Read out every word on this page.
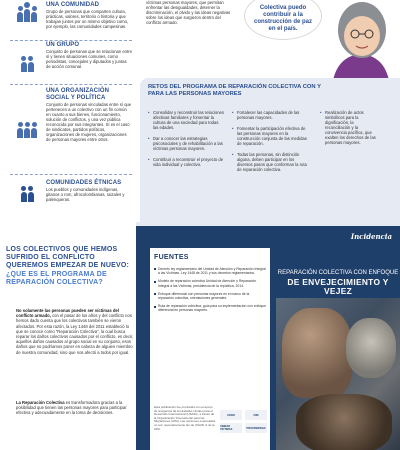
UNA COMUNIDAD
Grupo de personas que comparten cultura, prácticas, valores, territorio o historia y que trabajan juntos por un mismo objetivo como, por ejemplo, las comunidades campesinas.
UN GRUPO
Conjunto de personas que se relacionan entre sí y tienen situaciones comunes, como periodistas, concejales y diputados y juntas de acción comunal.
UNA ORGANIZACIÓN SOCIAL Y POLÍTICA
Conjunto de personas vinculadas entre sí que pertenecen a un colectivo con un fin común en cuanto a sus bienes, funcionamiento, solución de conflictos, y una vez pública reconocida por sus integrantes. Sí es el caso de sindicatos, partidos políticos, organizaciones de mujeres, organizaciones de personas mayores entre otros.
COMUNIDADES ÉTNICAS
Los pueblos y comunidades indígenas, gitanos o rom, afrocolombianas, raizales y palenqueras.
víctimas personas mayores, que permitan enfrentar las desigualdades, deterner la discriminación, el olvido y las ideas negativas sobre los ideas que surgieron dentro del conflicto armado.
Colectiva puedo contribuir a la construcción de paz en el país.
RETOS DEL PROGRAMA DE REPARACIÓN COLECTIVA CON Y PARA LAS PERSONAS MAYORES

• Consolidar y reconstruir las relaciones afectivas familiares y fomentar la cultura de una sociedad para todas las edades.

• Dar a conocer las estrategias psicosociales y de rehabilitación a las víctimas personas mayores.

• Contribuir a reconstruir el proyecto de vida individual y colectivo.

• Fortalecer las capacidades de las personas mayores.

• Fomentar la participación efectiva de las personas mayores en la construcción conjunta de las medidas de reparación.

• Todas las personas, sin distinción alguna, deben participar en los diversos pasos que conforman la ruta de reparación colectiva.

• Realización de actos simbólicos para la dignificación, la reconciliación y la convivencia pacífica, que exalten los derechos de las personas mayores.

LOS COLECTIVOS QUE HEMOS SUFRIDO EL CONFLICTO QUEREMOS EMPEZAR DE NUEVO:
¿QUE ES EL PROGRAMA DE REPARACIÓN COLECTIVA?
No solamente las personas pueden ser víctimas del conflicto armado, con el pasar de los años y del conflicto nos hemos dado cuenta que los colectivos también se vieron afectados. Por esta razón, la Ley 1448 del 2011 estableció lo que se conoce como "Reparación Colectiva", la cual busca reparar los daños colectivos causados por el conflicto, es decir, aquellos daños causados al grupo social en su conjunto, esos daños que no podríamos poner en cabeza de alguien miembro de nuestra comunidad, sino que nos afectó a todos por igual.
La Reparación Colectiva es transformadora gracias a la posibilidad que tienen las personas mayores para participar efectiva y adecuadamente en la toma de decisiones.
Incidencia
FUENTES

Decreto ley reglamentario del Unidad de Atención y Reparación Integral a las Víctimas. Ley 1448 de 2011 y sus decretos reglamentarios.

Modelo de reparación colectiva Unidad de Atención y Reparación Integral a las Víctimas, presidencia de la república, 2014.

Enfoque diferencial con personas mayores en el marco de la reparación colectiva, orientaciones generales.

Ruta de reparación colectiva, guía para su implementación con enfoque diferencial en personas mayores.

Esta publicación fue producida con el apoyo de la Agencia de los Estados Unidos para el Desarrollo Internacional (USAID), a través de la Organización Internacional para las Migraciones (OIM). Las opiniones expresadas no son necesariamente las de USAID ni de la OIM.
USAID	OIM
UNIDAD VÍCTIMAS	PROSPERIDAD
REPARACIÓN COLECTIVA CON ENFOQUE
DE ENVEJECIMIENTO Y VEJEZ
